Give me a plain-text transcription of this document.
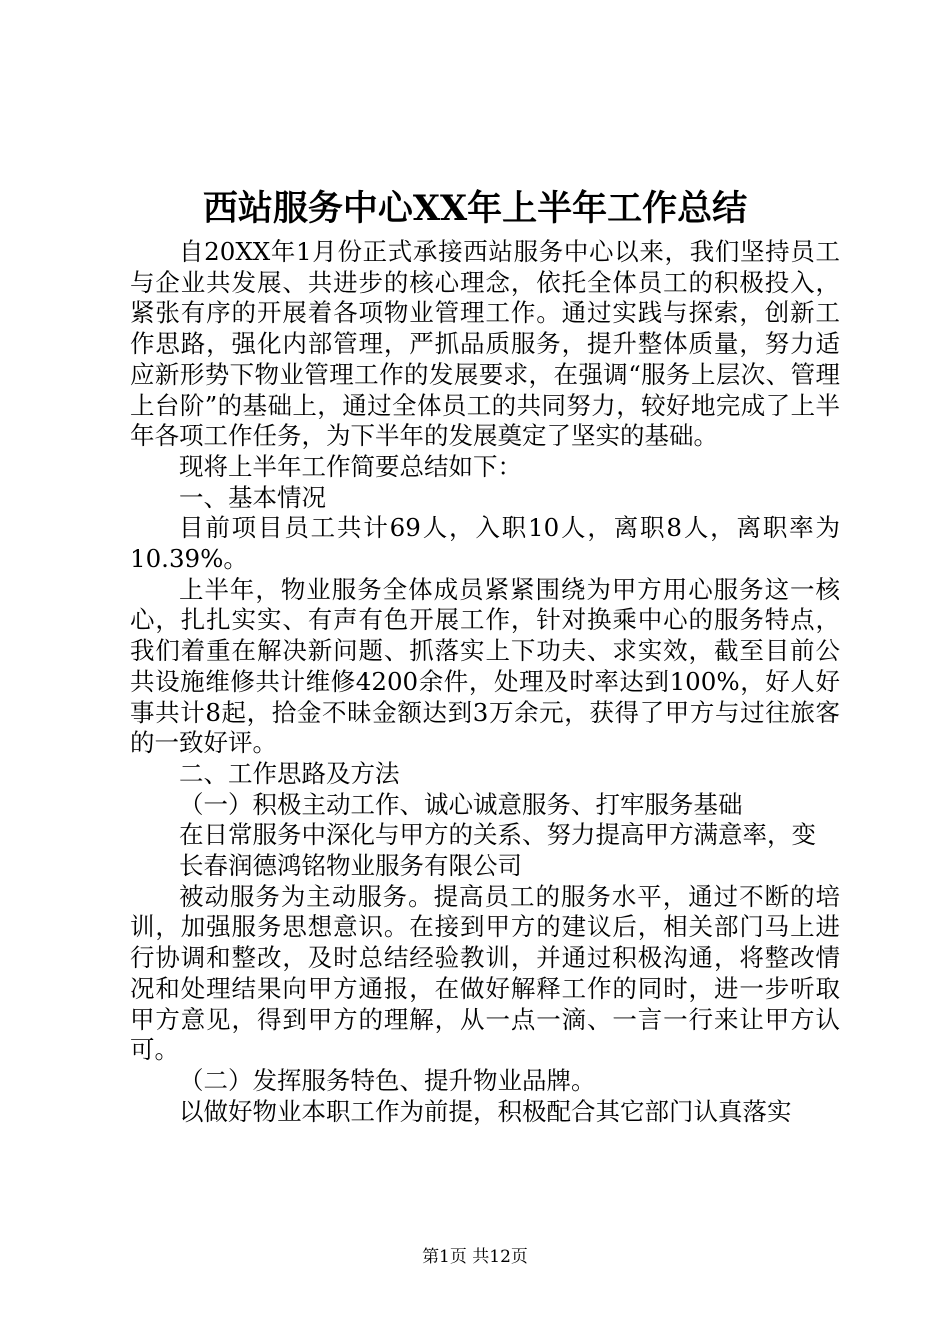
西站服务中心XX年上半年工作总结

自20XX年1月份正式承接西站服务中心以来，我们坚持员工与企业共发展、共进步的核心理念，依托全体员工的积极投入，紧张有序的开展着各项物业管理工作。通过实践与探索，创新工作思路，强化内部管理，严抓品质服务，提升整体质量，努力适应新形势下物业管理工作的发展要求，在强调“服务上层次、管理上台阶”的基础上，通过全体员工的共同努力，较好地完成了上半年各项工作任务，为下半年的发展奠定了坚实的基础。

现将上半年工作简要总结如下：

一、基本情况

目前项目员工共计69人，入职10人，离职8人，离职率为10.39%。

上半年，物业服务全体成员紧紧围绕为甲方用心服务这一核心，扎扎实实、有声有色开展工作，针对换乘中心的服务特点，我们着重在解决新问题、抓落实上下功夫、求实效，截至目前公共设施维修共计维修4200余件，处理及时率达到100%，好人好事共计8起，拾金不昧金额达到3万余元，获得了甲方与过往旅客的一致好评。

二、工作思路及方法

（一）积极主动工作、诚心诚意服务、打牢服务基础

在日常服务中深化与甲方的关系、努力提高甲方满意率，变

长春润德鸿铭物业服务有限公司

被动服务为主动服务。提高员工的服务水平，通过不断的培训，加强服务思想意识。在接到甲方的建议后，相关部门马上进行协调和整改，及时总结经验教训，并通过积极沟通，将整改情况和处理结果向甲方通报，在做好解释工作的同时，进一步听取甲方意见，得到甲方的理解，从一点一滴、一言一行来让甲方认可。

（二）发挥服务特色、提升物业品牌。

以做好物业本职工作为前提，积极配合其它部门认真落实

第1页 共12页
